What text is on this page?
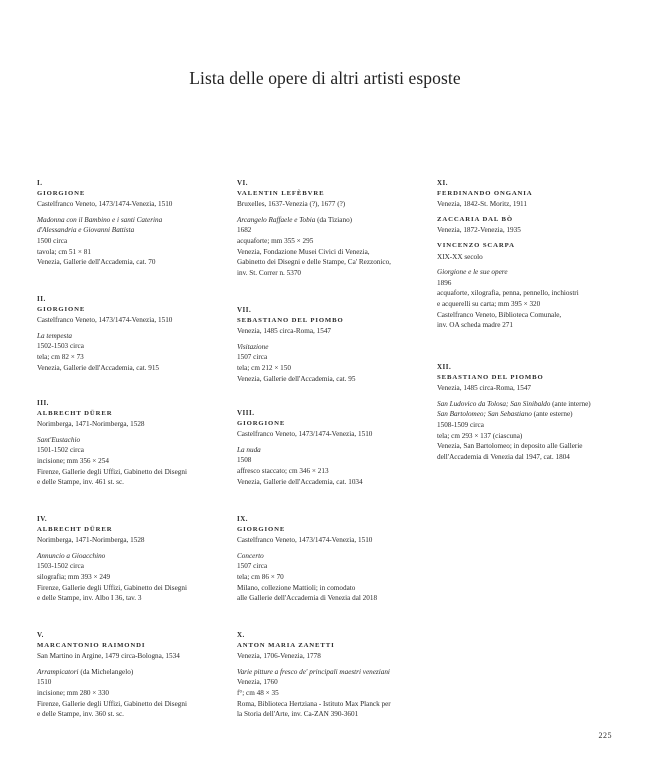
Lista delle opere di altri artisti esposte
I.
GIORGIONE
Castelfranco Veneto, 1473/1474-Venezia, 1510
Madonna con il Bambino e i santi Caterina
d'Alessandria e Giovanni Battista
1500 circa
tavola; cm 51 × 81
Venezia, Gallerie dell'Accademia, cat. 70
II.
GIORGIONE
Castelfranco Veneto, 1473/1474-Venezia, 1510
La tempesta
1502-1503 circa
tela; cm 82 × 73
Venezia, Gallerie dell'Accademia, cat. 915
III.
ALBRECHT DÜRER
Norimberga, 1471-Norimberga, 1528
Sant'Eustachio
1501-1502 circa
incisione; mm 356 × 254
Firenze, Gallerie degli Uffizi, Gabinetto dei Disegni
e delle Stampe, inv. 461 st. sc.
IV.
ALBRECHT DÜRER
Norimberga, 1471-Norimberga, 1528
Annuncio a Gioacchino
1503-1502 circa
silografia; mm 393 × 249
Firenze, Gallerie degli Uffizi, Gabinetto dei Disegni
e delle Stampe, inv. Albo I 36, tav. 3
V.
MARCANTONIO RAIMONDI
San Martino in Argine, 1479 circa-Bologna, 1534
Arrampicatori (da Michelangelo)
1510
incisione; mm 280 × 330
Firenze, Gallerie degli Uffizi, Gabinetto dei Disegni
e delle Stampe, inv. 360 st. sc.
VI.
VALENTIN LEFÈBVRE
Bruxelles, 1637-Venezia (?), 1677 (?)
Arcangelo Raffaele e Tobia (da Tiziano)
1682
acquaforte; mm 355 × 295
Venezia, Fondazione Musei Civici di Venezia,
Gabinetto dei Disegni e delle Stampe, Ca' Rezzonico,
inv. St. Correr n. 5370
VII.
SEBASTIANO DEL PIOMBO
Venezia, 1485 circa-Roma, 1547
Visitazione
1507 circa
tela; cm 212 × 150
Venezia, Gallerie dell'Accademia, cat. 95
VIII.
GIORGIONE
Castelfranco Veneto, 1473/1474-Venezia, 1510
La nuda
1508
affresco staccato; cm 346 × 213
Venezia, Gallerie dell'Accademia, cat. 1034
IX.
GIORGIONE
Castelfranco Veneto, 1473/1474-Venezia, 1510
Concerto
1507 circa
tela; cm 86 × 70
Milano, collezione Mattioli; in comodato
alle Gallerie dell'Accademia di Venezia dal 2018
X.
ANTON MARIA ZANETTI
Venezia, 1706-Venezia, 1778
Varie pitture a fresco de' principali maestri veneziani
Venezia, 1760
f°; cm 48 × 35
Roma, Biblioteca Hertziana - Istituto Max Planck per
la Storia dell'Arte, inv. Ca-ZAN 390-3601
XI.
FERDINANDO ONGANIA
Venezia, 1842-St. Moritz, 1911
ZACCARIA DAL BÒ
Venezia, 1872-Venezia, 1935
VINCENZO SCARPA
XIX-XX secolo
Giorgione e le sue opere
1896
acquaforte, xilografia, penna, pennello, inchiostri
e acquerelli su carta; mm 395 × 320
Castelfranco Veneto, Biblioteca Comunale,
inv. OA scheda madre 271
XII.
SEBASTIANO DEL PIOMBO
Venezia, 1485 circa-Roma, 1547
San Ludovico da Tolosa; San Sinibaldo (ante interne)
San Bartolomeo; San Sebastiano (ante esterne)
1508-1509 circa
tela; cm 293 × 137 (ciascuna)
Venezia, San Bartolomeo; in deposito alle Gallerie
dell'Accademia di Venezia dal 1947, cat. 1804
225
